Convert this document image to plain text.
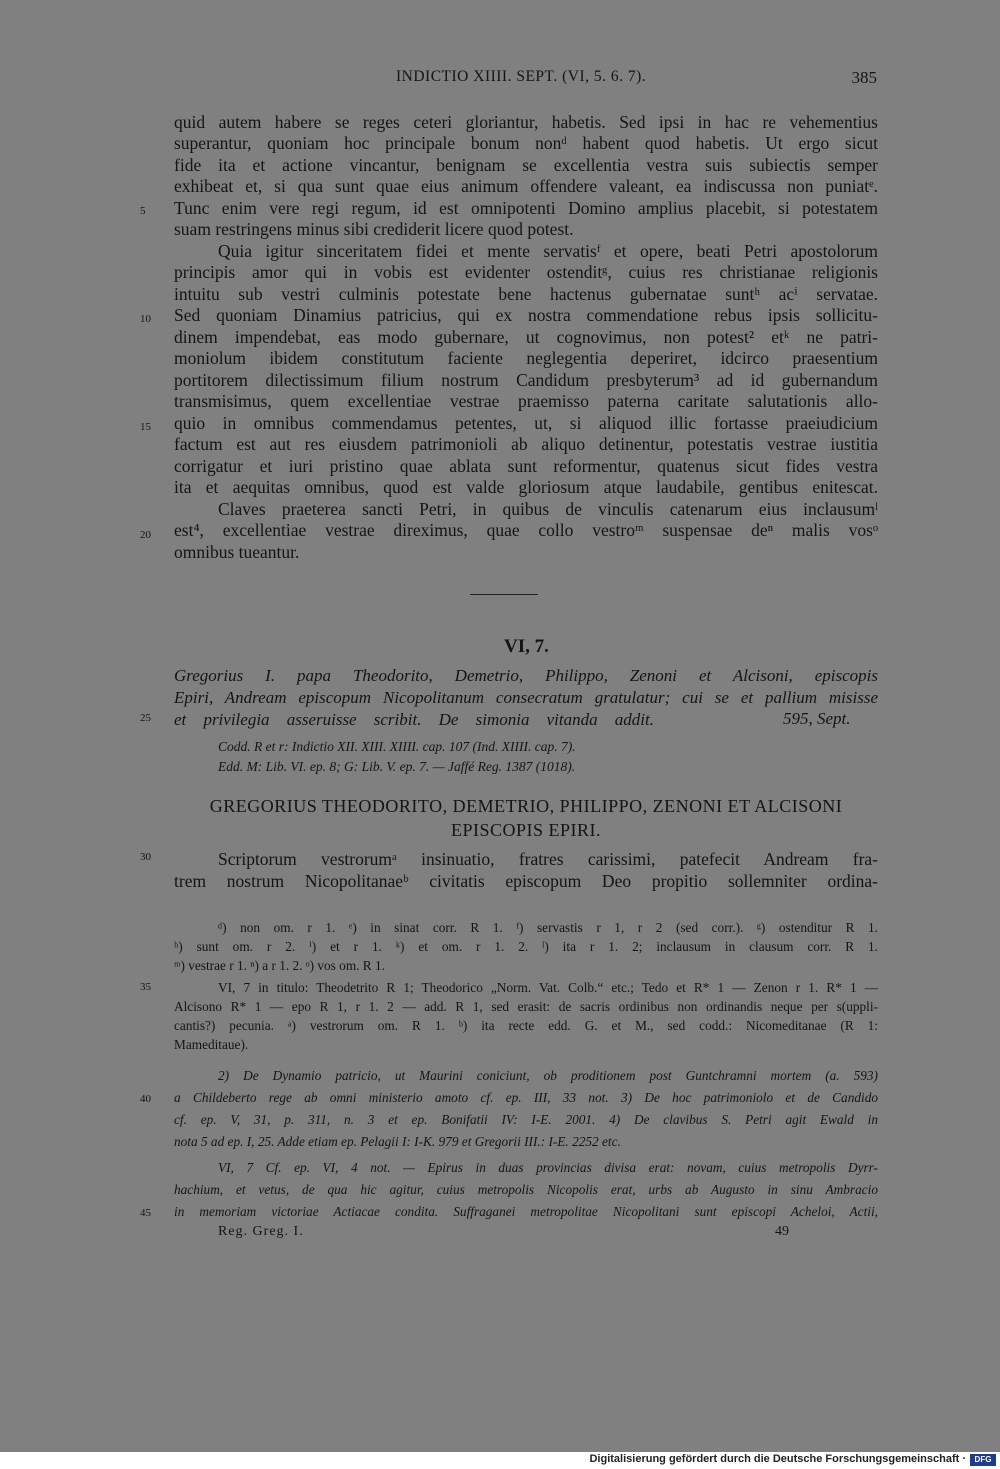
INDICTIO XIIII. SEPT. (VI, 5. 6. 7).	385
quid autem habere se reges ceteri gloriantur, habetis. Sed ipsi in hac re vehementius
superantur, quoniam hoc principale bonum nonᵈ habent quod habetis. Ut ergo sicut
fide ita et actione vincantur, benignam se excellentia vestra suis subiectis semper
exhibeat et, si qua sunt quae eius animum offendere valeant, ea indiscussa non puniatᵉ.
Tunc enim vere regi regum, id est omnipotenti Domino amplius placebit, si potestatem
suam restringens minus sibi crediderit licere quod potest.
Quia igitur sinceritatem fidei et mente servatisᶠ et opere, beati Petri apostolorum
principis amor qui in vobis est evidenter ostenditᵍ, cuius res christianae religionis
intuitu sub vestri culminis potestate bene hactenus gubernatae suntʰ acⁱ servatae.
Sed quoniam Dinamius patricius, qui ex nostra commendatione rebus ipsis sollicitu-
dinem impendebat, eas modo gubernare, ut cognovimus, non potest² etᵏ ne patri-
moniolum ibidem constitutum faciente neglegentia deperiret, idcirco praesentium
portitorem dilectissimum filium nostrum Candidum presbyterum³ ad id gubernandum
transmisimus, quem excellentiae vestrae praemisso paterna caritate salutationis allo-
quio in omnibus commendamus petentes, ut, si aliquod illic fortasse praeiudicium
factum est aut res eiusdem patrimonioli ab aliquo detinentur, potestatis vestrae iustitia
corrigatur et iuri pristino quae ablata sunt reformentur, quatenus sicut fides vestra
ita et aequitas omnibus, quod est valde gloriosum atque laudabile, gentibus enitescat.
Claves praeterea sancti Petri, in quibus de vinculis catenarum eius inclausumˡ
est⁴, excellentiae vestrae direximus, quae collo vestroᵐ suspensae deⁿ malis vosᵒ
omnibus tueantur.
5
10
15
20
25
30
35
40
45
VI, 7.
Gregorius I. papa Theodorito, Demetrio, Philippo, Zenoni et Alcisoni, episcopis
Epiri, Andream episcopum Nicopolitanum consecratum gratulatur; cui se et pallium misisse
et privilegia asseruisse scribit. De simonia vitanda addit.	595, Sept.
Codd. R et r: Indictio XII. XIII. XIIII. cap. 107 (Ind. XIIII. cap. 7).
Edd. M: Lib. VI. ep. 8; G: Lib. V. ep. 7. — Jaffé Reg. 1387 (1018).
GREGORIUS THEODORITO, DEMETRIO, PHILIPPO, ZENONI ET ALCISONI
EPISCOPIS EPIRI.
Scriptorum vestrorumᵃ insinuatio, fratres carissimi, patefecit Andream fra-
trem nostrum Nicopolitanaeᵇ civitatis episcopum Deo propitio sollemniter ordina-
ᵈ) non om. r 1. ᵉ) in sinat corr. R 1. ᶠ) servastis r 1, r 2 (sed corr.). ᵍ) ostenditur R 1.
ʰ) sunt om. r 2. ⁱ) et r 1. ᵏ) et om. r 1. 2. ˡ) ita r 1. 2; inclausum in clausum corr. R 1.
ᵐ) vestrae r 1. ⁿ) a r 1. 2. ᵒ) vos om. R 1.
VI, 7 in titulo: Theodetrito R 1; Theodorico „Norm. Vat. Colb.“ etc.; Tedo et R* 1 — Zenon r 1. R* 1 —
Alcisono R* 1 — epo R 1, r 1. 2 — add. R 1, sed erasit: de sacris ordinibus non ordinandis neque per s(uppli-
cantis?) pecunia. ᵃ) vestrorum om. R 1. ᵇ) ita recte edd. G. et M., sed codd.: Nicomeditanae (R 1:
Mameditaue).
2) De Dynamio patricio, ut Maurini coniciunt, ob proditionem post Guntchramni mortem (a. 593)
a Childeberto rege ab omni ministerio amoto cf. ep. III, 33 not. 3) De hoc patrimoniolo et de Candido
cf. ep. V, 31, p. 311, n. 3 et ep. Bonifatii IV: I-E. 2001. 4) De clavibus S. Petri agit Ewald in
nota 5 ad ep. I, 25. Adde etiam ep. Pelagii I: I-K. 979 et Gregorii III.: I-E. 2252 etc.
VI, 7 Cf. ep. VI, 4 not. — Epirus in duas provincias divisa erat: novam, cuius metropolis Dyrr-
hachium, et vetus, de qua hic agitur, cuius metropolis Nicopolis erat, urbs ab Augusto in sinu Ambracio
in memoriam victoriae Actiacae condita. Suffraganei metropolitae Nicopolitani sunt episcopi Acheloi, Actii,
Reg. Greg. I.	49
Digitalisierung gefördert durch die Deutsche Forschungsgemeinschaft ·	DFG
